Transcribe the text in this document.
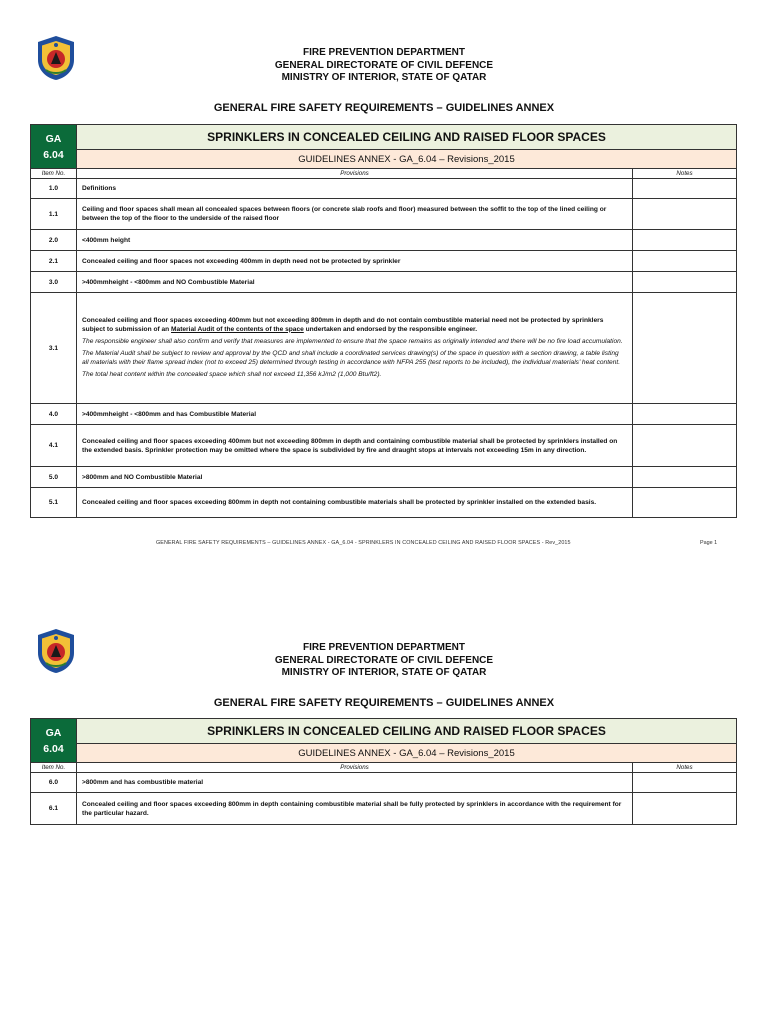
FIRE PREVENTION DEPARTMENT
GENERAL DIRECTORATE OF CIVIL DEFENCE
MINISTRY OF INTERIOR, STATE OF QATAR
GENERAL FIRE SAFETY REQUIREMENTS – GUIDELINES ANNEX
GA
6.04	SPRINKLERS IN CONCEALED CEILING AND RAISED FLOOR SPACES	
	GUIDELINES ANNEX - GA_6.04 – Revisions_2015	
Item No.	Provisions	Notes
1.0	Definitions	
1.1	Ceiling and floor spaces shall mean all concealed spaces between floors (or concrete slab roofs and floor) measured between the soffit to the top of the lined ceiling or between the top of the floor to the underside of the raised floor	
2.0	<400mm height	
2.1	Concealed ceiling and floor spaces not exceeding 400mm in depth need not be protected by sprinkler	
3.0	>400mmheight - <800mm and NO Combustible Material	
3.1	Concealed ceiling and floor spaces exceeding 400mm but not exceeding 800mm in depth and do not contain combustible material need not be protected by sprinklers subject to submission of an Material Audit of the contents of the space undertaken and endorsed by the responsible engineer.

The responsible engineer shall also confirm and verify that measures are implemented to ensure that the space remains as originally intended and there will be no fire load accumulation.

The Material Audit shall be subject to review and approval by the QCD and shall include a coordinated services drawing(s) of the space in question with a section drawing, a table listing all materials with their flame spread index (not to exceed 25) determined through testing in accordance with NFPA 255 (test reports to be included), the individual materials’ heat content.

The total heat content within the concealed space which shall not exceed 11,356 kJ/m2 (1,000 Btu/ft2).	

4.0	>400mmheight - <800mm and has Combustible Material	
4.1	Concealed ceiling and floor spaces exceeding 400mm but not exceeding 800mm in depth and containing combustible material shall be protected by sprinklers installed on the extended basis. Sprinkler protection may be omitted where the space is subdivided by fire and draught stops at intervals not exceeding 15m in any direction.	
5.0	>800mm and NO Combustible Material	
5.1	Concealed ceiling and floor spaces exceeding 800mm in depth not containing combustible materials shall be protected by sprinkler installed on the extended basis.	
GENERAL FIRE SAFETY REQUIREMENTS – GUIDELINES ANNEX - GA_6.04 - SPRINKLERS IN CONCEALED CEILING AND RAISED FLOOR SPACES - Rev_2015	Page 1
FIRE PREVENTION DEPARTMENT
GENERAL DIRECTORATE OF CIVIL DEFENCE
MINISTRY OF INTERIOR, STATE OF QATAR
GENERAL FIRE SAFETY REQUIREMENTS – GUIDELINES ANNEX
GA
6.04	SPRINKLERS IN CONCEALED CEILING AND RAISED FLOOR SPACES	
	GUIDELINES ANNEX - GA_6.04 – Revisions_2015	
Item No.	Provisions	Notes
6.0	>800mm and has combustible material	
6.1	Concealed ceiling and floor spaces exceeding 800mm in depth containing combustible material shall be fully protected by sprinklers in accordance with the requirement for the particular hazard.	
